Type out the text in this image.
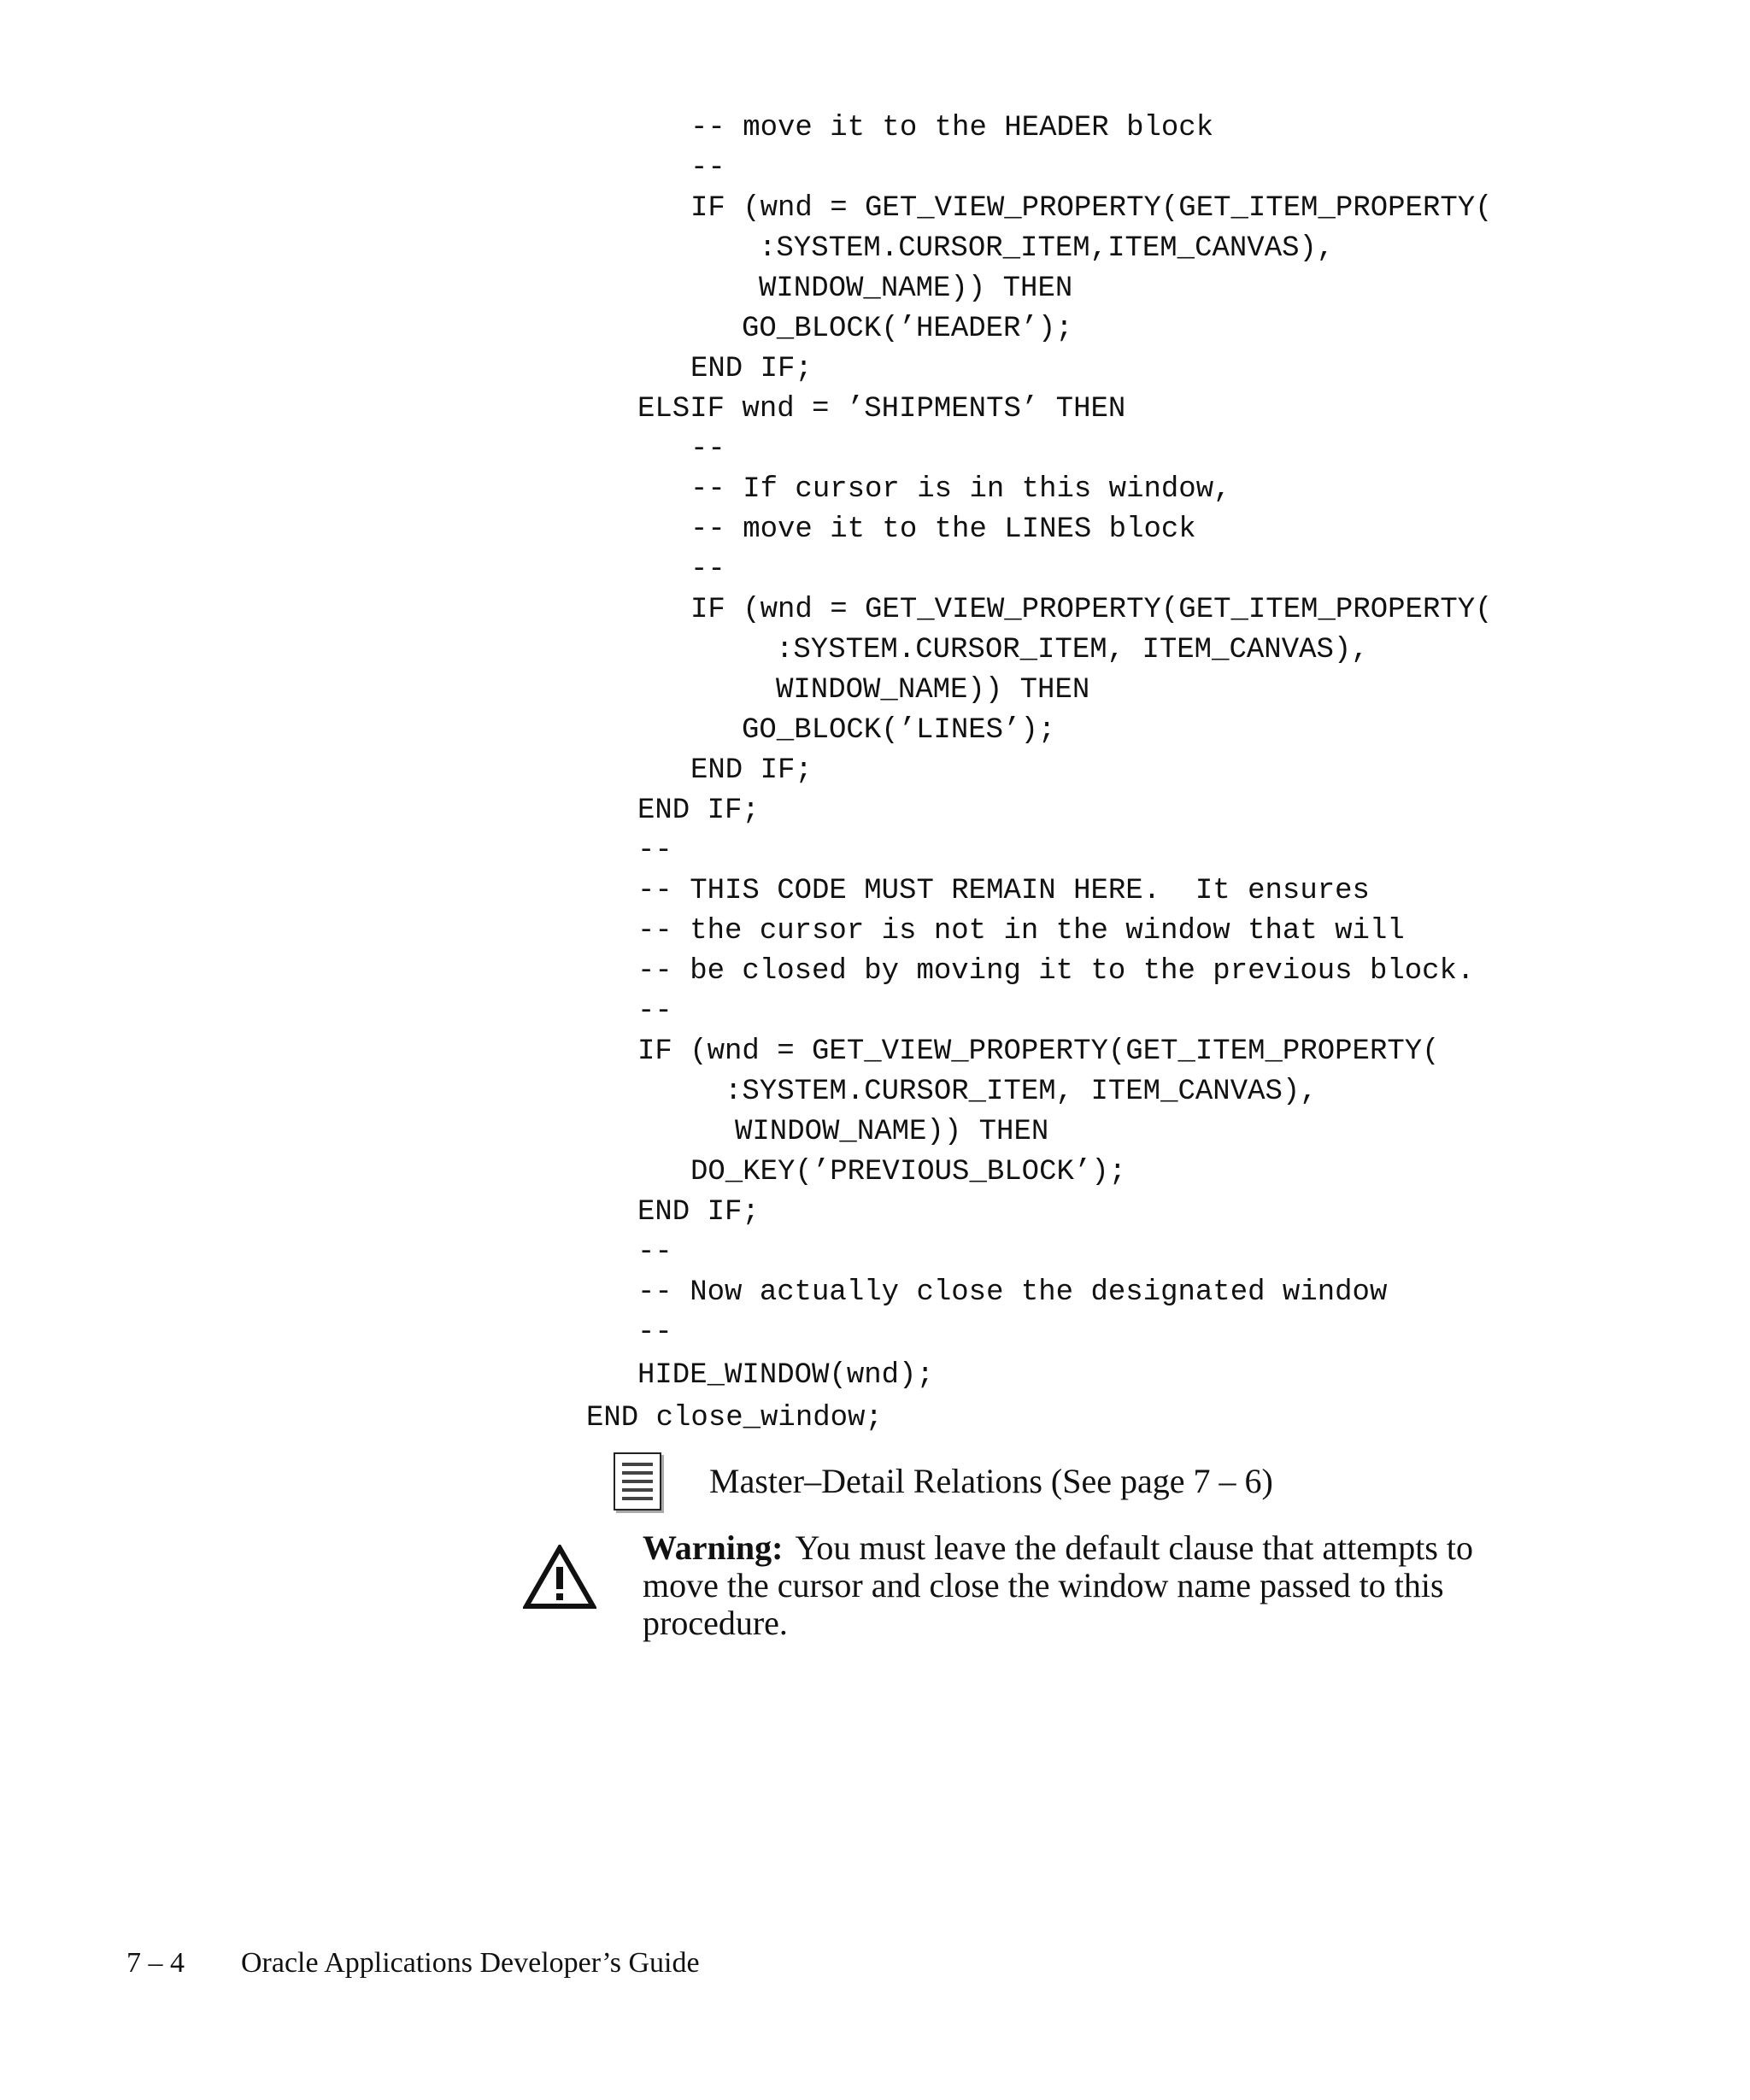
-- move it to the HEADER block
--
IF (wnd = GET_VIEW_PROPERTY(GET_ITEM_PROPERTY(
:SYSTEM.CURSOR_ITEM,ITEM_CANVAS),
WINDOW_NAME)) THEN
GO_BLOCK(’HEADER’);
END IF;
ELSIF wnd = ’SHIPMENTS’ THEN
--
-- If cursor is in this window,
-- move it to the LINES block
--
IF (wnd = GET_VIEW_PROPERTY(GET_ITEM_PROPERTY(
:SYSTEM.CURSOR_ITEM, ITEM_CANVAS),
WINDOW_NAME)) THEN
GO_BLOCK(’LINES’);
END IF;
END IF;
--
-- THIS CODE MUST REMAIN HERE.  It ensures
-- the cursor is not in the window that will
-- be closed by moving it to the previous block.
--
IF (wnd = GET_VIEW_PROPERTY(GET_ITEM_PROPERTY(
:SYSTEM.CURSOR_ITEM, ITEM_CANVAS),
WINDOW_NAME)) THEN
DO_KEY(’PREVIOUS_BLOCK’);
END IF;
--
-- Now actually close the designated window
--
HIDE_WINDOW(wnd);
END close_window;
Master–Detail Relations (See page 7 – 6)
Warning: You must leave the default clause that attempts to move the cursor and close the window name passed to this procedure.
7 – 4 Oracle Applications Developer’s Guide
